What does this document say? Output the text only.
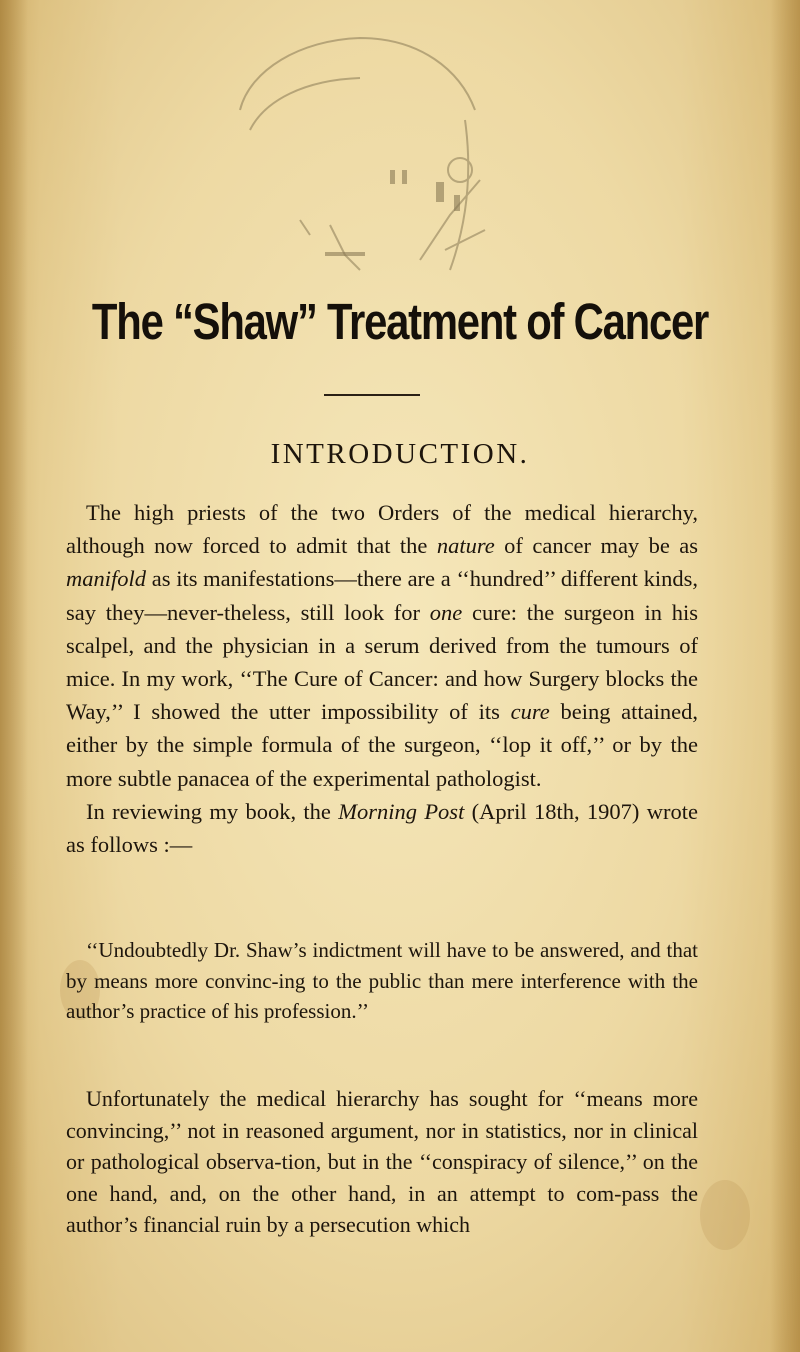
The “Shaw” Treatment of Cancer
INTRODUCTION.

The high priests of the two Orders of the medical hierarchy, although now forced to admit that the nature of cancer may be as manifold as its manifestations—there are a ‘‘hundred’’ different kinds, say they—never-theless, still look for one cure: the surgeon in his scalpel, and the physician in a serum derived from the tumours of mice. In my work, ‘‘The Cure of Cancer: and how Surgery blocks the Way,’’ I showed the utter impossibility of its cure being attained, either by the simple formula of the surgeon, ‘‘lop it off,’’ or by the more subtle panacea of the experimental pathologist.

In reviewing my book, the Morning Post (April 18th, 1907) wrote as follows :—

‘‘Undoubtedly Dr. Shaw’s indictment will have to be answered, and that by means more convinc-ing to the public than mere interference with the author’s practice of his profession.’’

Unfortunately the medical hierarchy has sought for ‘‘means more convincing,’’ not in reasoned argument, nor in statistics, nor in clinical or pathological observa-tion, but in the ‘‘conspiracy of silence,’’ on the one hand, and, on the other hand, in an attempt to com-pass the author’s financial ruin by a persecution which
